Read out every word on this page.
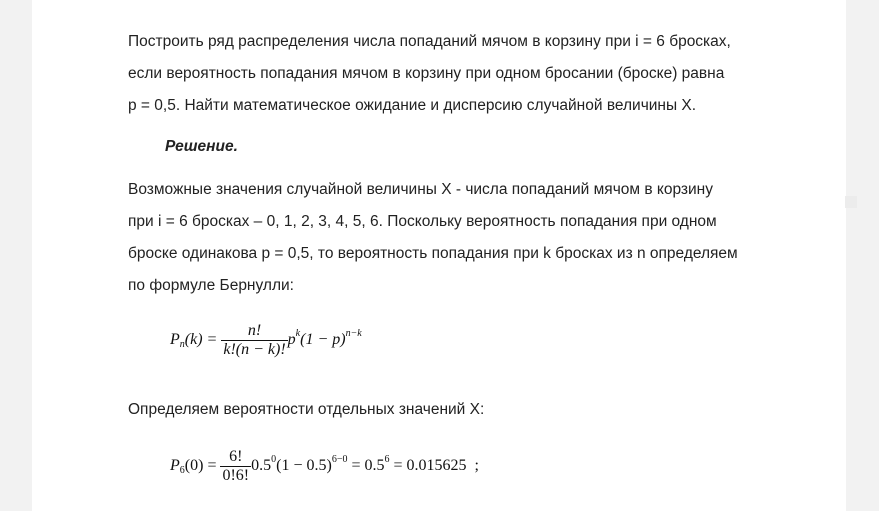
Построить ряд распределения числа попаданий мячом в корзину при i = 6 бросках,
если вероятность попадания мячом в корзину при одном бросании (броске) равна
p = 0,5. Найти математическое ожидание и дисперсию случайной величины X.
Решение.
Возможные значения случайной величины X - числа попаданий мячом в корзину
при i = 6 бросках – 0, 1, 2, 3, 4, 5, 6. Поскольку вероятность попадания при одном
броске одинакова p = 0,5, то вероятность попадания при k бросках из n определяем
по формуле Бернулли:
$P_n(k) = \frac{n!}{k!(n - k)!} p^k(1 - p)^{n-k}$
Определяем вероятности отдельных значений X:
$P_6(0) = \frac{6!}{0!6!} 0.5^0(1 - 0.5)^{6-0} = 0.5^6 = 0.015625$ ;
